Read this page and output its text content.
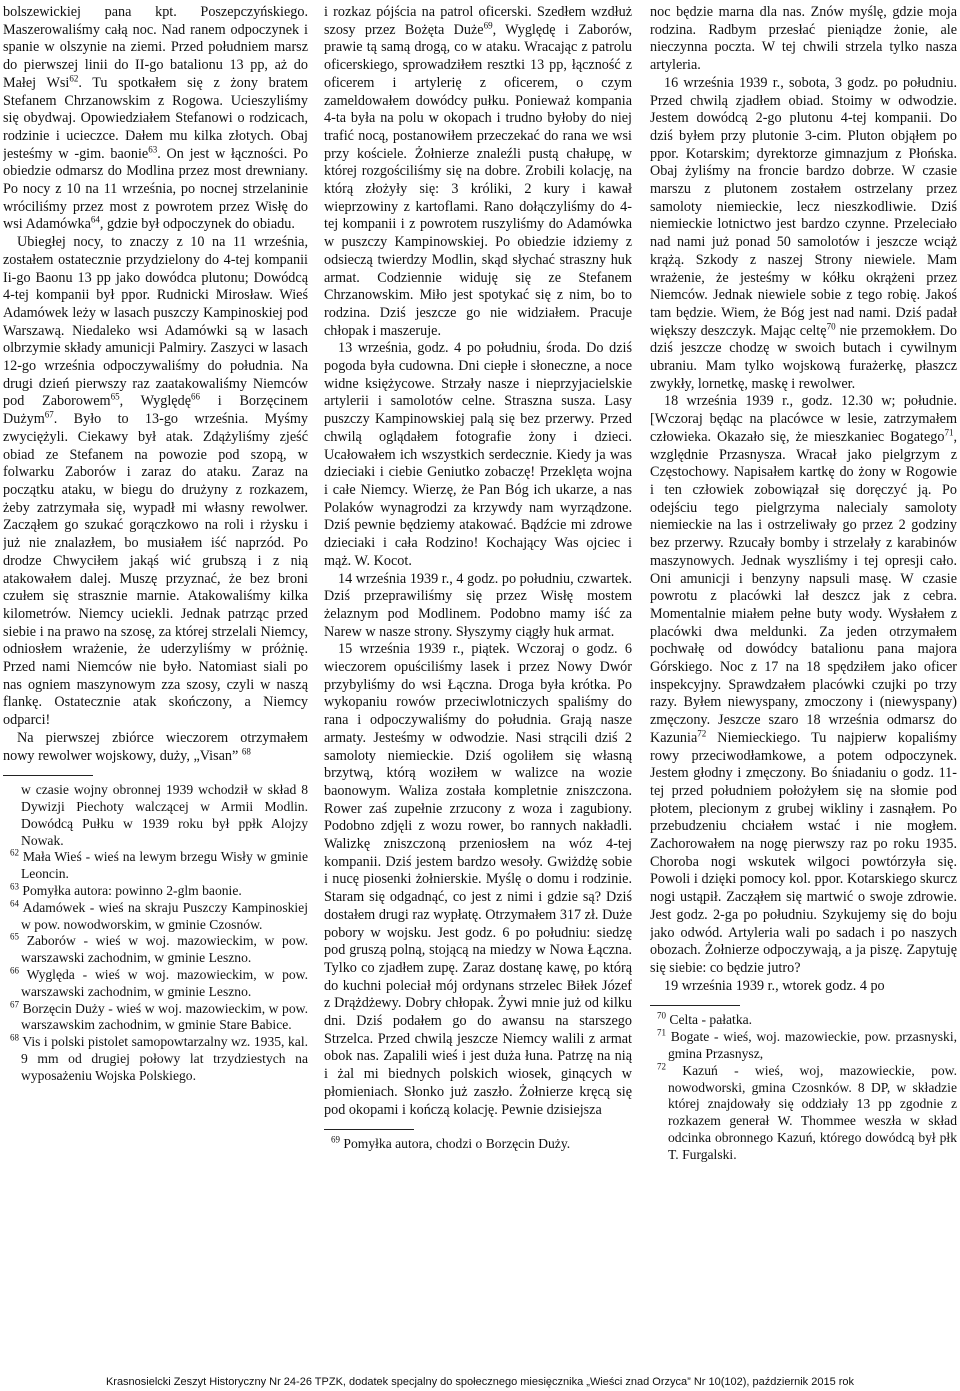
bolszewickiej pana kpt. Poszepczyńskiego. Maszerowaliśmy całą noc. Nad ranem odpoczynek i spanie w olszynie na ziemi. Przed południem marsz do pierwszej linii do II-go batalionu 13 pp, aż do Małej Wsi$^{62}$. Tu spotkałem się z żony bratem Stefanem Chrzanowskim z Rogowa. Ucieszyliśmy się obydwaj. Opowiedziałem Stefanowi o rodzicach, rodzinie i ucieczce. Dałem mu kilka złotych. Obaj jesteśmy w -gim. baonie$^{63}$. On jest w łączności. Po obiedzie odmarsz do Modlina przez most drewniany. Po nocy z 10 na 11 września, po nocnej strzelaninie wróciliśmy przez most z powrotem przez Wisłę do wsi Adamówka$^{64}$, gdzie był odpoczynek do obiadu.

Ubiegłej nocy, to znaczy z 10 na 11 września, zostałem ostatecznie przydzielony do 4-tej kompanii Ii-go Baonu 13 pp jako dowódca plutonu; Dowódcą 4-tej kompanii był ppor. Rudnicki Mirosław. Wieś Adamówek leży w lasach puszczy Kampinoskiej pod Warszawą. Niedaleko wsi Adamówki są w lasach olbrzymie składy amunicji Palmiry. Zaszyci w lasach 12-go września odpoczywaliśmy do południa. Na drugi dzień pierwszy raz zaatakowaliśmy Niemców pod Zaborowem$^{65}$, Wyględę$^{66}$ i Borzęcinem Dużym$^{67}$. Było to 13-go września. Myśmy zwyciężyli. Ciekawy był atak. Zdążyliśmy zjeść obiad ze Stefanem na powozie pod szopą, w folwarku Zaborów i zaraz do ataku. Zaraz na początku ataku, w biegu do drużyny z rozkazem, żeby zatrzymała się, wypadł mi własny rewolwer. Zacząłem go szukać gorączkowo na roli i rżysku i już nie znalazłem, bo musiałem iść naprzód. Po drodze Chwyciłem jakąś wić grubszą i z nią atakowałem dalej. Muszę przyznać, że bez broni czułem się strasznie marnie. Atakowaliśmy kilka kilometrów. Niemcy uciekli. Jednak patrząc przed siebie i na prawo na szosę, za której strzelali Niemcy, odniosłem wrażenie, że uderzyliśmy w próżnię. Przed nami Niemców nie było. Natomiast siali po nas ogniem maszynowym zza szosy, czyli w naszą flankę. Ostatecznie atak skończony, a Niemcy odparci!

Na pierwszej zbiórce wieczorem otrzymałem nowy rewolwer wojskowy, duży, „Visan” $^{68}$

w czasie wojny obronnej 1939 wchodził w skład 8 Dywizji Piechoty walczącej w Armii Modlin. Dowódcą Pułku w 1939 roku był ppłk Alojzy Nowak.

$^{62}$ Mała Wieś - wieś na lewym brzegu Wisły w gminie Leoncin.

$^{63}$ Pomyłka autora: powinno 2-glm baonie.

$^{64}$ Adamówek - wieś na skraju Puszczy Kampinoskiej w pow. nowodworskim, w gminie Czosnów.

$^{65}$ Zaborów - wieś w woj. mazowieckim, w pow. warszawski zachodnim, w gminie Leszno.

$^{66}$ Wyględa - wieś w woj. mazowieckim, w pow. warszawski zachodnim, w gminie Leszno.

$^{67}$ Borzęcin Duży - wieś w woj. mazowieckim, w pow. warszawskim zachodnim, w gminie Stare Babice.

$^{68}$ Vis i polski pistolet samopowtarzalny wz. 1935, kal. 9 mm od drugiej połowy lat trzydziestych na wyposażeniu Wojska Polskiego.

i rozkaz pójścia na patrol oficerski. Szedłem wzdłuż szosy przez Bożęta Duże$^{69}$, Wyględę i Zaborów, prawie tą samą drogą, co w ataku. Wracając z patrolu oficerskiego, sprowadziłem resztki 13 pp, łączność z oficerem i artylerię z oficerem, o czym zameldowałem dowódcy pułku. Ponieważ kompania 4-ta była na polu w okopach i trudno byłoby do niej trafić nocą, postanowiłem przeczekać do rana we wsi przy kościele. Żołnierze znaleźli pustą chałupę, w której rozgościliśmy się na dobre. Zrobili kolację, na którą złożyły się: 3 króliki, 2 kury i kawał wieprzowiny z kartoflami. Rano dołączyliśmy do 4-tej kompanii i z powrotem ruszyliśmy do Adamówka w puszczy Kampinowskiej. Po obiedzie idziemy z odsieczą twierdzy Modlin, skąd słychać straszny huk armat. Codziennie widuję się ze Stefanem Chrzanowskim. Miło jest spotykać się z nim, bo to rodzina. Dziś jeszcze go nie widziałem. Pracuje chłopak i maszeruje.

13 września, godz. 4 po południu, środa. Do dziś pogoda była cudowna. Dni ciepłe i słoneczne, a noce widne księżycowe. Strzały nasze i nieprzyjacielskie artylerii i samolotów celne. Straszna susza. Lasy puszczy Kampinowskiej palą się bez przerwy. Przed chwilą oglądałem fotografie żony i dzieci. Ucałowałem ich wszystkich serdecznie. Kiedy ja was dzieciaki i ciebie Geniutko zobaczę! Przeklęta wojna i całe Niemcy. Wierzę, że Pan Bóg ich ukarze, a nas Polaków wynagrodzi za krzywdy nam wyrządzone. Dziś pewnie będziemy atakować. Bądźcie mi zdrowe dzieciaki i cała Rodzino! Kochający Was ojciec i mąż. W. Kocot.

14 września 1939 r., 4 godz. po południu, czwartek. Dziś przeprawiliśmy się przez Wisłę mostem żelaznym pod Modlinem. Podobno mamy iść za Narew w nasze strony. Słyszymy ciągły huk armat.

15 września 1939 r., piątek. Wczoraj o godz. 6 wieczorem opuściliśmy lasek i przez Nowy Dwór przybyliśmy do wsi Łączna. Droga była krótka. Po wykopaniu rowów przeciwlotniczych spaliśmy do rana i odpoczywaliśmy do południa. Grają nasze armaty. Jesteśmy w odwodzie. Nasi strącili dziś 2 samoloty niemieckie. Dziś ogoliłem się własną brzytwą, którą woziłem w walizce na wozie baonowym. Waliza została kompletnie zniszczona. Rower zaś zupełnie zrzucony z woza i zagubiony. Podobno zdjęli z wozu rower, bo rannych nakładli. Walizkę zniszczoną przeniosłem na wóz 4-tej kompanii. Dziś jestem bardzo wesoły. Gwiżdżę sobie i nucę piosenki żołnierskie. Myślę o domu i rodzinie. Staram się odgadnąć, co jest z nimi i gdzie są? Dziś dostałem drugi raz wypłatę. Otrzymałem 317 zł. Duże pobory w wojsku. Jest godz. 6 po południu: siedzę pod gruszą polną, stojącą na miedzy w Nowa Łączna. Tylko co zjadłem zupę. Zaraz dostanę kawę, po którą do kuchni poleciał mój ordynans strzelec Biłek Józef z Drążdżewy. Dobry chłopak. Żywi mnie już od kilku dni. Dziś podałem go do awansu na starszego Strzelca. Przed chwilą jeszcze Niemcy walili z armat obok nas. Zapalili wieś i jest duża łuna. Patrzę na nią i żal mi biednych polskich wiosek, ginących w płomieniach. Słonko już zaszło. Żołnierze kręcą się pod okopami i kończą kolację. Pewnie dzisiejsza

$^{69}$ Pomyłka autora, chodzi o Borzęcin Duży.

noc będzie marna dla nas. Znów myślę, gdzie moja rodzina. Radbym przesłać pieniądze żonie, ale nieczynna poczta. W tej chwili strzela tylko nasza artyleria.

16 września 1939 r., sobota, 3 godz. po południu. Przed chwilą zjadłem obiad. Stoimy w odwodzie. Jestem dowódcą 2-go plutonu 4-tej kompanii. Do dziś byłem przy plutonie 3-cim. Pluton objąłem po ppor. Kotarskim; dyrektorze gimnazjum z Płońska. Obaj żyliśmy na froncie bardzo dobrze. W czasie marszu z plutonem zostałem ostrzelany przez samoloty niemieckie, lecz nieszkodliwie. Dziś niemieckie lotnictwo jest bardzo czynne. Przeleciało nad nami już ponad 50 samolotów i jeszcze wciąż krążą. Szkody z naszej Strony niewiele. Mam wrażenie, że jesteśmy w kółku okrążeni przez Niemców. Jednak niewiele sobie z tego robię. Jakoś tam będzie. Wiem, że Bóg jest nad nami. Dziś padał większy deszczyk. Mając celtę$^{70}$ nie przemokłem. Do dziś jeszcze chodzę w swoich butach i cywilnym ubraniu. Mam tylko wojskową furażerkę, płaszcz zwykły, lornetkę, maskę i rewolwer.

18 września 1939 r., godz. 12.30 w; południe. [Wczoraj będąc na placówce w lesie, zatrzymałem człowieka. Okazało się, że mieszkaniec Bogatego$^{71}$, względnie Przasnysza. Wracał jako pielgrzym z Częstochowy. Napisałem kartkę do żony w Rogowie i ten człowiek zobowiązał się doręczyć ją. Po odejściu tego pielgrzyma nalecialy samoloty niemieckie na las i ostrzeliwały go przez 2 godziny bez przerwy. Rzucały bomby i strzelały z karabinów maszynowych. Jednak wyszliśmy i tej opresji cało. Oni amunicji i benzyny napsuli masę. W czasie powrotu z placówki lał deszcz jak z cebra. Momentalnie miałem pełne buty wody. Wysłałem z placówki dwa meldunki. Za jeden otrzymałem pochwałę od dowódcy batalionu pana majora Górskiego. Noc z 17 na 18 spędziłem jako oficer inspekcyjny. Sprawdzałem placówki czujki po trzy razy. Byłem niewyspany, zmoczony i (niewyspany) zmęczony. Jeszcze szaro 18 września odmarsz do Kazunia$^{72}$ Niemieckiego. Tu najpierw kopaliśmy rowy przeciwodłamkowe, a potem odpoczynek. Jestem głodny i zmęczony. Bo śniadaniu o godz. 11-tej przed południem położyłem się na słomie pod płotem, plecionym z grubej wikliny i zasnąłem. Po przebudzeniu chciałem wstać i nie mogłem. Zachorowałem na nogę pierwszy raz po roku 1935. Choroba nogi wskutek wilgoci powtórzyła się. Powoli i dzięki pomocy kol. ppor. Kotarskiego skurcz nogi ustąpił. Zacząłem się martwić o swoje zdrowie. Jest godz. 2-ga po południu. Szykujemy się do boju jako odwód. Artyleria wali po sadach i po naszych obozach. Żołnierze odpoczywają, a ja piszę. Zapytuję się siebie: co będzie jutro?

19 września 1939 r., wtorek godz. 4 po

$^{70}$ Celta - pałatka.

$^{71}$ Bogate - wieś, woj. mazowieckie, pow. przasnyski, gmina Przasnysz,

$^{72}$ Kazuń - wieś, woj, mazowieckie, pow. nowodworski, gmina Czosnków. 8 DP, w składzie której znajdowały się oddziały 13 pp zgodnie z rozkazem generał W. Thommee weszła w skład odcinka obronnego Kazuń, którego dowódcą był płk T. Furgalski.

Krasnosielcki Zeszyt Historyczny Nr 24-26 TPZK, dodatek specjalny do społecznego miesięcznika „Wieści znad Orzyca” Nr 10(102), październik 2015 rok
